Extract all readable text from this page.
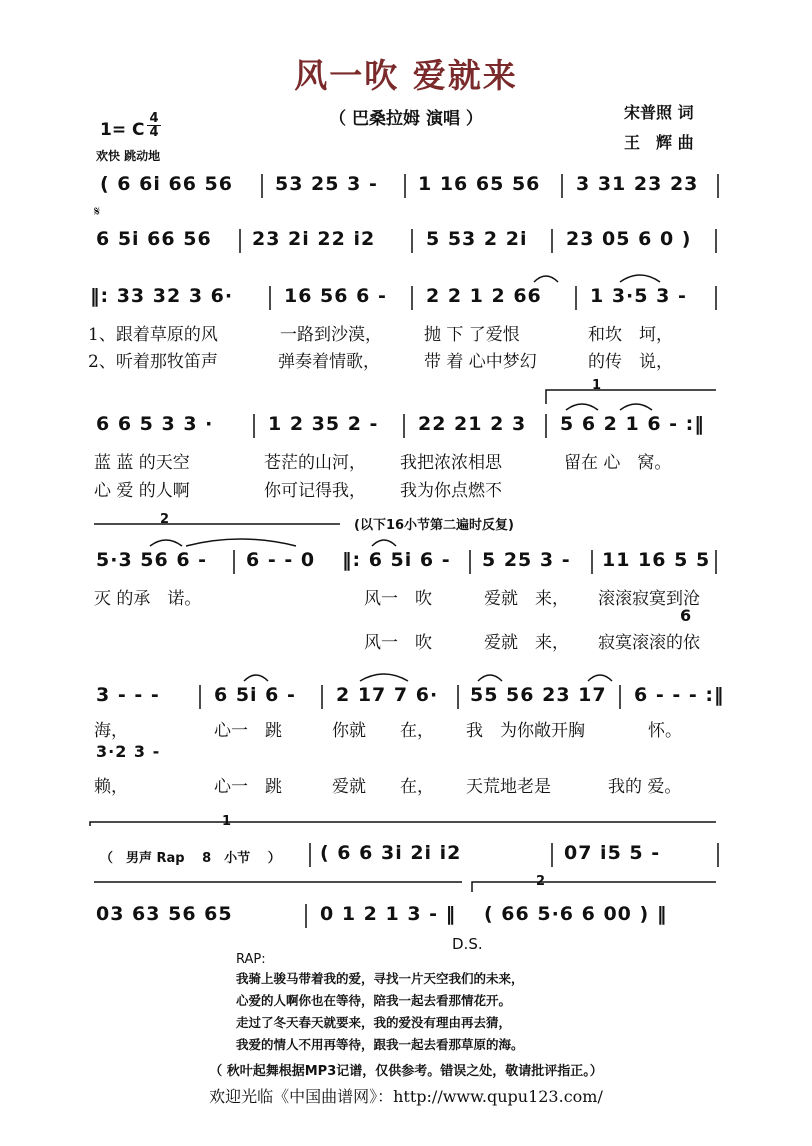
风一吹 爱就来
（ 巴桑拉姆 演唱 ）	宋普照 词
王　辉 曲
1= C
4
4
欢快 跳动地
( 6 6i 66 56 53 25 3 - 1 16 65 56 3 31 23 23
𝄋
6 5i 66 56 23 2i 22 i2	5 53 2 2i 23 05 6 0 )
‖: 33 32 3 6·	16 56 6 - 2 2 1 2 66	1 3·5 3 -
1、跟着草原的风	一路到沙漠， 抛 下 了爱恨	和坎　坷，
2、听着那牧笛声	弹奏着情歌，	带 着 心中梦幻	的传　说，
1
6 6 5 3 3 ·	1 2 35 2 - 22 21 2 3 5 6 2 1 6 - :‖
蓝 蓝 的天空	苍茫的山河， 我把浓浓相思	留在 心　窝。
心 爱 的人啊	你可记得我， 我为你点燃不
2	(以下16小节第二遍时反复)
5·3 56 6 - 6 - - 0 ‖: 6 5i 6 - 5 25 3 - 11 16 5 5
灭 的承　诺。	风一　吹	爱就　来， 滚滚寂寞到沧
6
风一　吹	爱就　来， 寂寞滚滚的依
3 - - -	6 5i 6 - 2 17 7 6· 55 56 23 17 6 - - - :‖
海，	心一　跳	你就　　在， 我　为你敞开胸	怀。
3·2 3 -
赖，	心一　跳	爱就　　在， 天荒地老是	我的 爱。
1
（　男声 Rap　 8　小节　 ） ( 6 6 3i 2i i2	07 i5 5 -
2
03 63 56 65	0 1 2 1 3 - ‖ ( 66 5·6 6 00 ) ‖
D.S.
RAP:
我骑上骏马带着我的爱，寻找一片天空我们的未来，
心爱的人啊你也在等待，陪我一起去看那情花开。
走过了冬天春天就要来，我的爱没有理由再去猜，
我爱的情人不用再等待，跟我一起去看那草原的海。
（ 秋叶起舞根据MP3记谱，仅供参考。错误之处，敬请批评指正。）
欢迎光临《中国曲谱网》：http://www.qupu123.com/
